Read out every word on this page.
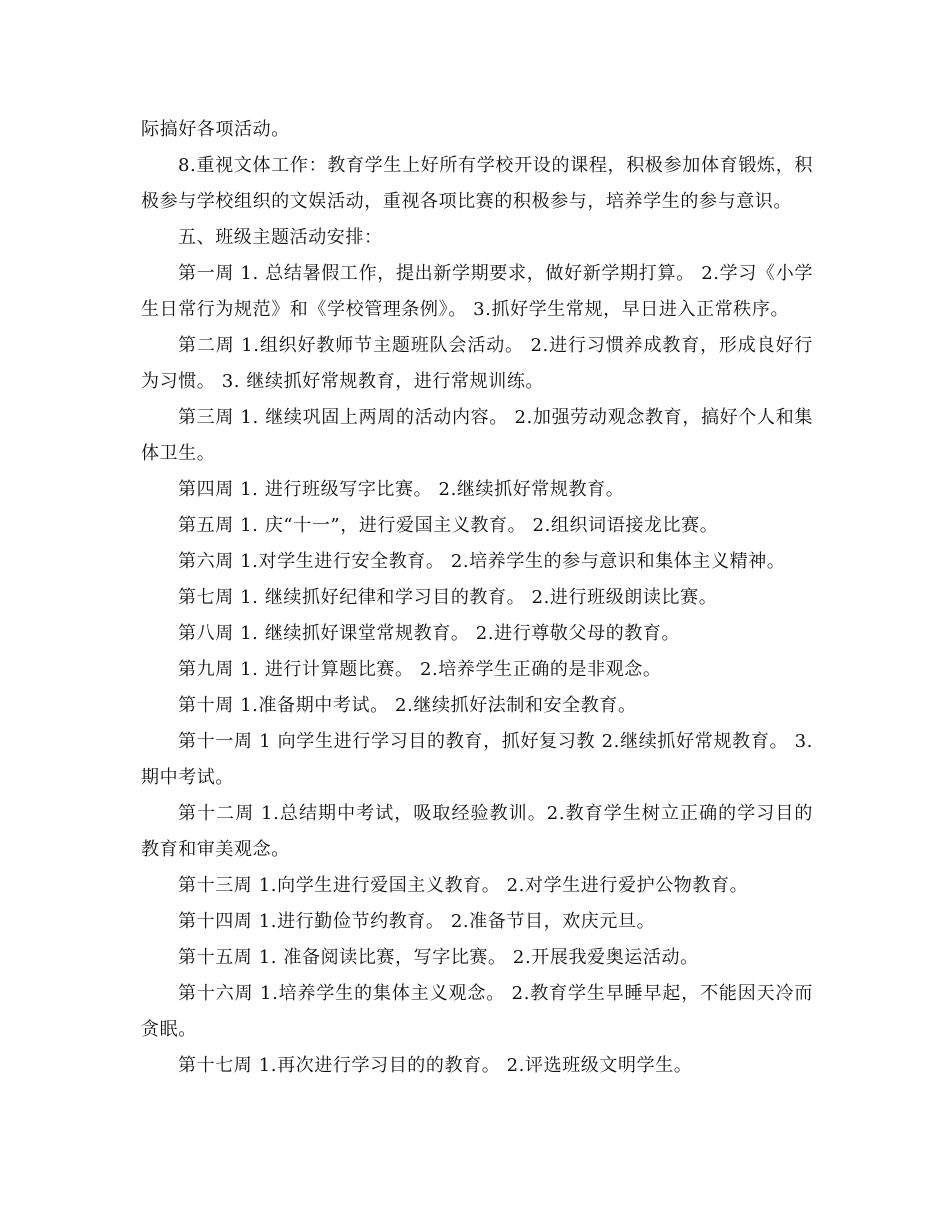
际搞好各项活动。

8.重视文体工作：教育学生上好所有学校开设的课程，积极参加体育锻炼，积极参与学校组织的文娱活动，重视各项比赛的积极参与，培养学生的参与意识。

五、班级主题活动安排：

第一周 1. 总结暑假工作，提出新学期要求，做好新学期打算。 2.学习《小学生日常行为规范》和《学校管理条例》。 3.抓好学生常规，早日进入正常秩序。

第二周 1.组织好教师节主题班队会活动。 2.进行习惯养成教育，形成良好行为习惯。 3. 继续抓好常规教育，进行常规训练。

第三周 1. 继续巩固上两周的活动内容。 2.加强劳动观念教育，搞好个人和集体卫生。

第四周 1. 进行班级写字比赛。 2.继续抓好常规教育。

第五周 1. 庆“十一”，进行爱国主义教育。 2.组织词语接龙比赛。

第六周 1.对学生进行安全教育。 2.培养学生的参与意识和集体主义精神。

第七周 1. 继续抓好纪律和学习目的教育。 2.进行班级朗读比赛。

第八周 1. 继续抓好课堂常规教育。 2.进行尊敬父母的教育。

第九周 1. 进行计算题比赛。 2.培养学生正确的是非观念。

第十周 1.准备期中考试。 2.继续抓好法制和安全教育。

第十一周 1 向学生进行学习目的教育，抓好复习教 2.继续抓好常规教育。 3.期中考试。

第十二周 1.总结期中考试，吸取经验教训。2.教育学生树立正确的学习目的教育和审美观念。

第十三周 1.向学生进行爱国主义教育。 2.对学生进行爱护公物教育。

第十四周 1.进行勤俭节约教育。 2.准备节目，欢庆元旦。

第十五周 1. 准备阅读比赛，写字比赛。 2.开展我爱奥运活动。

第十六周 1.培养学生的集体主义观念。 2.教育学生早睡早起，不能因天冷而贪眠。

第十七周 1.再次进行学习目的的教育。 2.评选班级文明学生。
